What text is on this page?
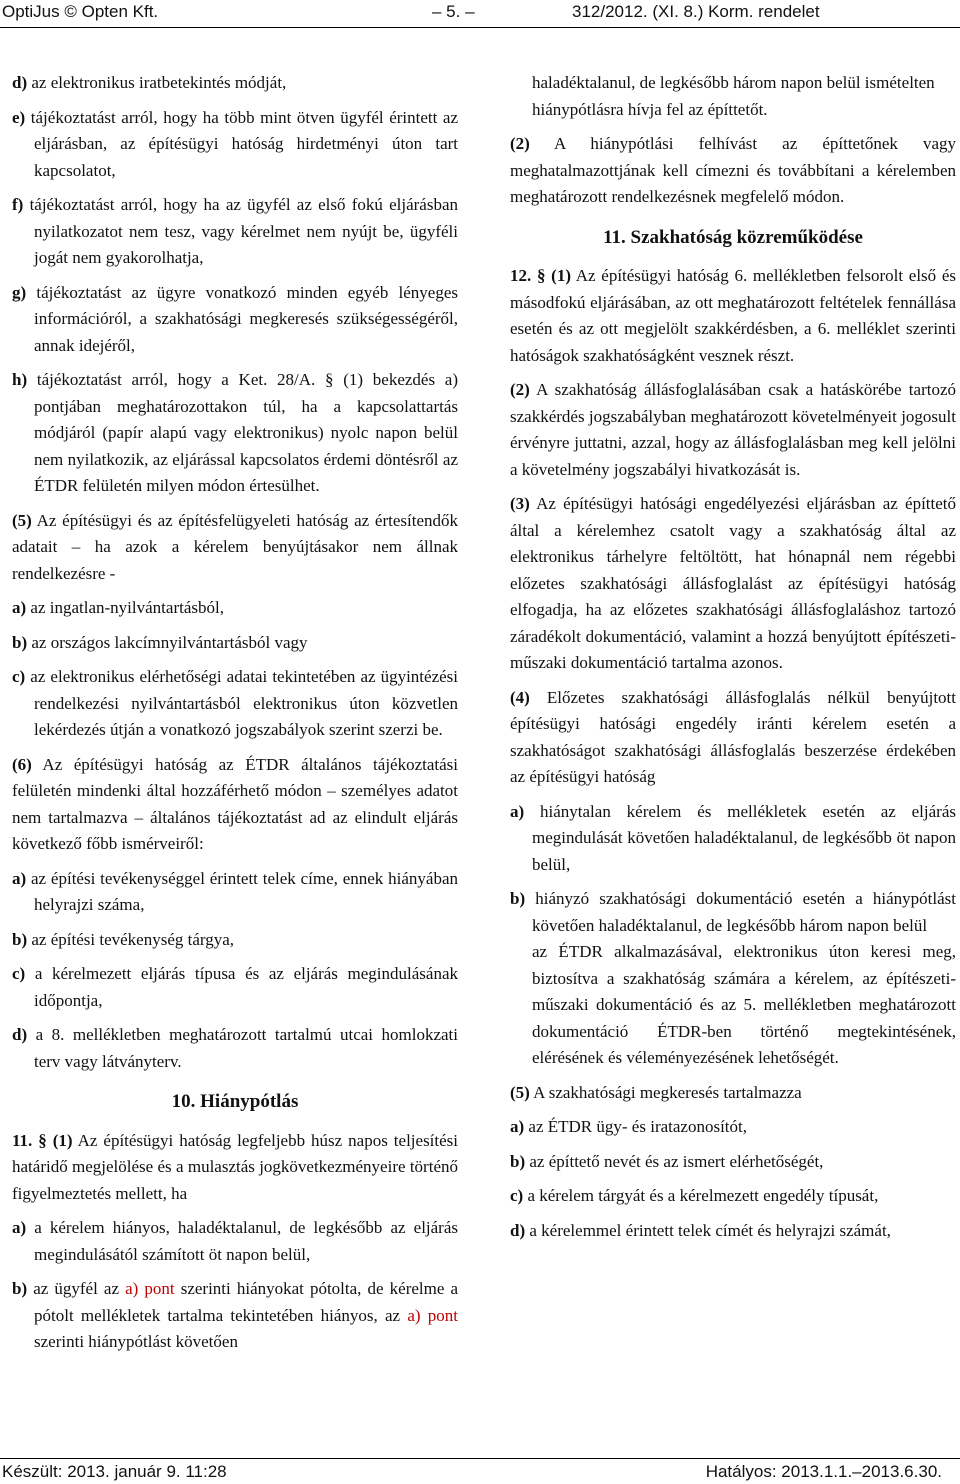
OptiJus © Opten Kft.	– 5. –	312/2012. (XI. 8.) Korm. rendelet

d) az elektronikus iratbetekintés módját,

e) tájékoztatást arról, hogy ha több mint ötven ügyfél érintett az eljárásban, az építésügyi hatóság hirdetményi úton tart kapcsolatot,

f) tájékoztatást arról, hogy ha az ügyfél az első fokú eljárásban nyilatkozatot nem tesz, vagy kérelmet nem nyújt be, ügyféli jogát nem gyakorolhatja,

g) tájékoztatást az ügyre vonatkozó minden egyéb lényeges információról, a szakhatósági megkeresés szükségességéről, annak idejéről,

h) tájékoztatást arról, hogy a Ket. 28/A. § (1) bekezdés a) pontjában meghatározottakon túl, ha a kapcsolattartás módjáról (papír alapú vagy elektronikus) nyolc napon belül nem nyilatkozik, az eljárással kapcsolatos érdemi döntésről az ÉTDR felületén milyen módon értesülhet.

(5) Az építésügyi és az építésfelügyeleti hatóság az értesítendők adatait – ha azok a kérelem benyújtásakor nem állnak rendelkezésre -

a) az ingatlan-nyilvántartásból,

b) az országos lakcímnyilvántartásból vagy

c) az elektronikus elérhetőségi adatai tekintetében az ügyintézési rendelkezési nyilvántartásból elektronikus úton közvetlen lekérdezés útján a vonatkozó jogszabályok szerint szerzi be.

(6) Az építésügyi hatóság az ÉTDR általános tájékoztatási felületén mindenki által hozzáférhető módon – személyes adatot nem tartalmazva – általános tájékoztatást ad az elindult eljárás következő főbb ismérveiről:

a) az építési tevékenységgel érintett telek címe, ennek hiányában helyrajzi száma,

b) az építési tevékenység tárgya,

c) a kérelmezett eljárás típusa és az eljárás megindulásának időpontja,

d) a 8. mellékletben meghatározott tartalmú utcai homlokzati terv vagy látványterv.

10. Hiánypótlás

11. § (1) Az építésügyi hatóság legfeljebb húsz napos teljesítési határidő megjelölése és a mulasztás jogkövetkezményeire történő figyelmeztetés mellett, ha

a) a kérelem hiányos, haladéktalanul, de legkésőbb az eljárás megindulásától számított öt napon belül,

b) az ügyfél az a) pont szerinti hiányokat pótolta, de kérelme a pótolt mellékletek tartalma tekintetében hiányos, az a) pont szerinti hiánypótlást követően

haladéktalanul, de legkésőbb három napon belül ismételten

hiánypótlásra hívja fel az építtetőt.

(2) A hiánypótlási felhívást az építtetőnek vagy meghatalmazottjának kell címezni és továbbítani a kérelemben meghatározott rendelkezésnek megfelelő módon.

11. Szakhatóság közreműködése

12. § (1) Az építésügyi hatóság 6. mellékletben felsorolt első és másodfokú eljárásában, az ott meghatározott feltételek fennállása esetén és az ott megjelölt szakkérdésben, a 6. melléklet szerinti hatóságok szakhatóságként vesznek részt.

(2) A szakhatóság állásfoglalásában csak a hatáskörébe tartozó szakkérdés jogszabályban meghatározott követelményeit jogosult érvényre juttatni, azzal, hogy az állásfoglalásban meg kell jelölni a követelmény jogszabályi hivatkozását is.

(3) Az építésügyi hatósági engedélyezési eljárásban az építtető által a kérelemhez csatolt vagy a szakhatóság által az elektronikus tárhelyre feltöltött, hat hónapnál nem régebbi előzetes szakhatósági állásfoglalást az építésügyi hatóság elfogadja, ha az előzetes szakhatósági állásfoglaláshoz tartozó záradékolt dokumentáció, valamint a hozzá benyújtott építészeti-műszaki dokumentáció tartalma azonos.

(4) Előzetes szakhatósági állásfoglalás nélkül benyújtott építésügyi hatósági engedély iránti kérelem esetén a szakhatóságot szakhatósági állásfoglalás beszerzése érdekében az építésügyi hatóság

a) hiánytalan kérelem és mellékletek esetén az eljárás megindulását követően haladéktalanul, de legkésőbb öt napon belül,

b) hiányzó szakhatósági dokumentáció esetén a hiánypótlást követően haladéktalanul, de legkésőbb három napon belül

az ÉTDR alkalmazásával, elektronikus úton keresi meg, biztosítva a szakhatóság számára a kérelem, az építészeti-műszaki dokumentáció és az 5. mellékletben meghatározott dokumentáció ÉTDR-ben történő megtekintésének, elérésének és véleményezésének lehetőségét.

(5) A szakhatósági megkeresés tartalmazza

a) az ÉTDR ügy- és iratazonosítót,

b) az építtető nevét és az ismert elérhetőségét,

c) a kérelem tárgyát és a kérelmezett engedély típusát,

d) a kérelemmel érintett telek címét és helyrajzi számát,

Készült: 2013. január 9. 11:28	Hatályos: 2013.1.1.–2013.6.30.
